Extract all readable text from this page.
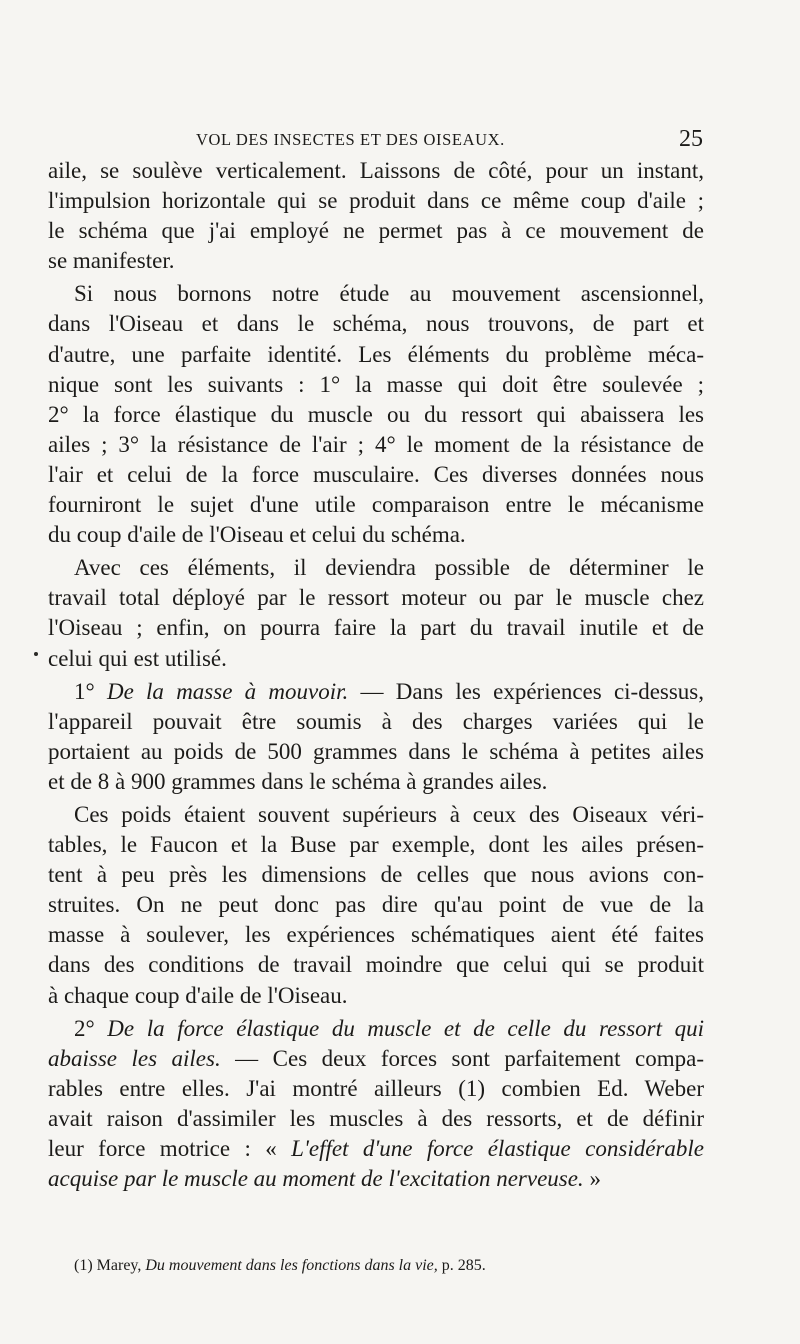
VOL DES INSECTES ET DES OISEAUX.	25

aile, se soulève verticalement. Laissons de côté, pour un instant,
l'impulsion horizontale qui se produit dans ce même coup d'aile ;
le schéma que j'ai employé ne permet pas à ce mouvement de
se manifester.

Si nous bornons notre étude au mouvement ascensionnel,
dans l'Oiseau et dans le schéma, nous trouvons, de part et
d'autre, une parfaite identité. Les éléments du problème méca-
nique sont les suivants : 1° la masse qui doit être soulevée ;
2° la force élastique du muscle ou du ressort qui abaissera les
ailes ; 3° la résistance de l'air ; 4° le moment de la résistance de
l'air et celui de la force musculaire. Ces diverses données nous
fourniront le sujet d'une utile comparaison entre le mécanisme
du coup d'aile de l'Oiseau et celui du schéma.

Avec ces éléments, il deviendra possible de déterminer le
travail total déployé par le ressort moteur ou par le muscle chez
l'Oiseau ; enfin, on pourra faire la part du travail inutile et de
celui qui est utilisé.

1° De la masse à mouvoir. — Dans les expériences ci-dessus,
l'appareil pouvait être soumis à des charges variées qui le
portaient au poids de 500 grammes dans le schéma à petites ailes
et de 8 à 900 grammes dans le schéma à grandes ailes.

Ces poids étaient souvent supérieurs à ceux des Oiseaux véri-
tables, le Faucon et la Buse par exemple, dont les ailes présen-
tent à peu près les dimensions de celles que nous avions con-
struites. On ne peut donc pas dire qu'au point de vue de la
masse à soulever, les expériences schématiques aient été faites
dans des conditions de travail moindre que celui qui se produit
à chaque coup d'aile de l'Oiseau.

2° De la force élastique du muscle et de celle du ressort qui
abaisse les ailes. — Ces deux forces sont parfaitement compa-
rables entre elles. J'ai montré ailleurs (1) combien Ed. Weber
avait raison d'assimiler les muscles à des ressorts, et de définir
leur force motrice : « L'effet d'une force élastique considérable
acquise par le muscle au moment de l'excitation nerveuse. »

(1) Marey, Du mouvement dans les fonctions dans la vie, p. 285.
